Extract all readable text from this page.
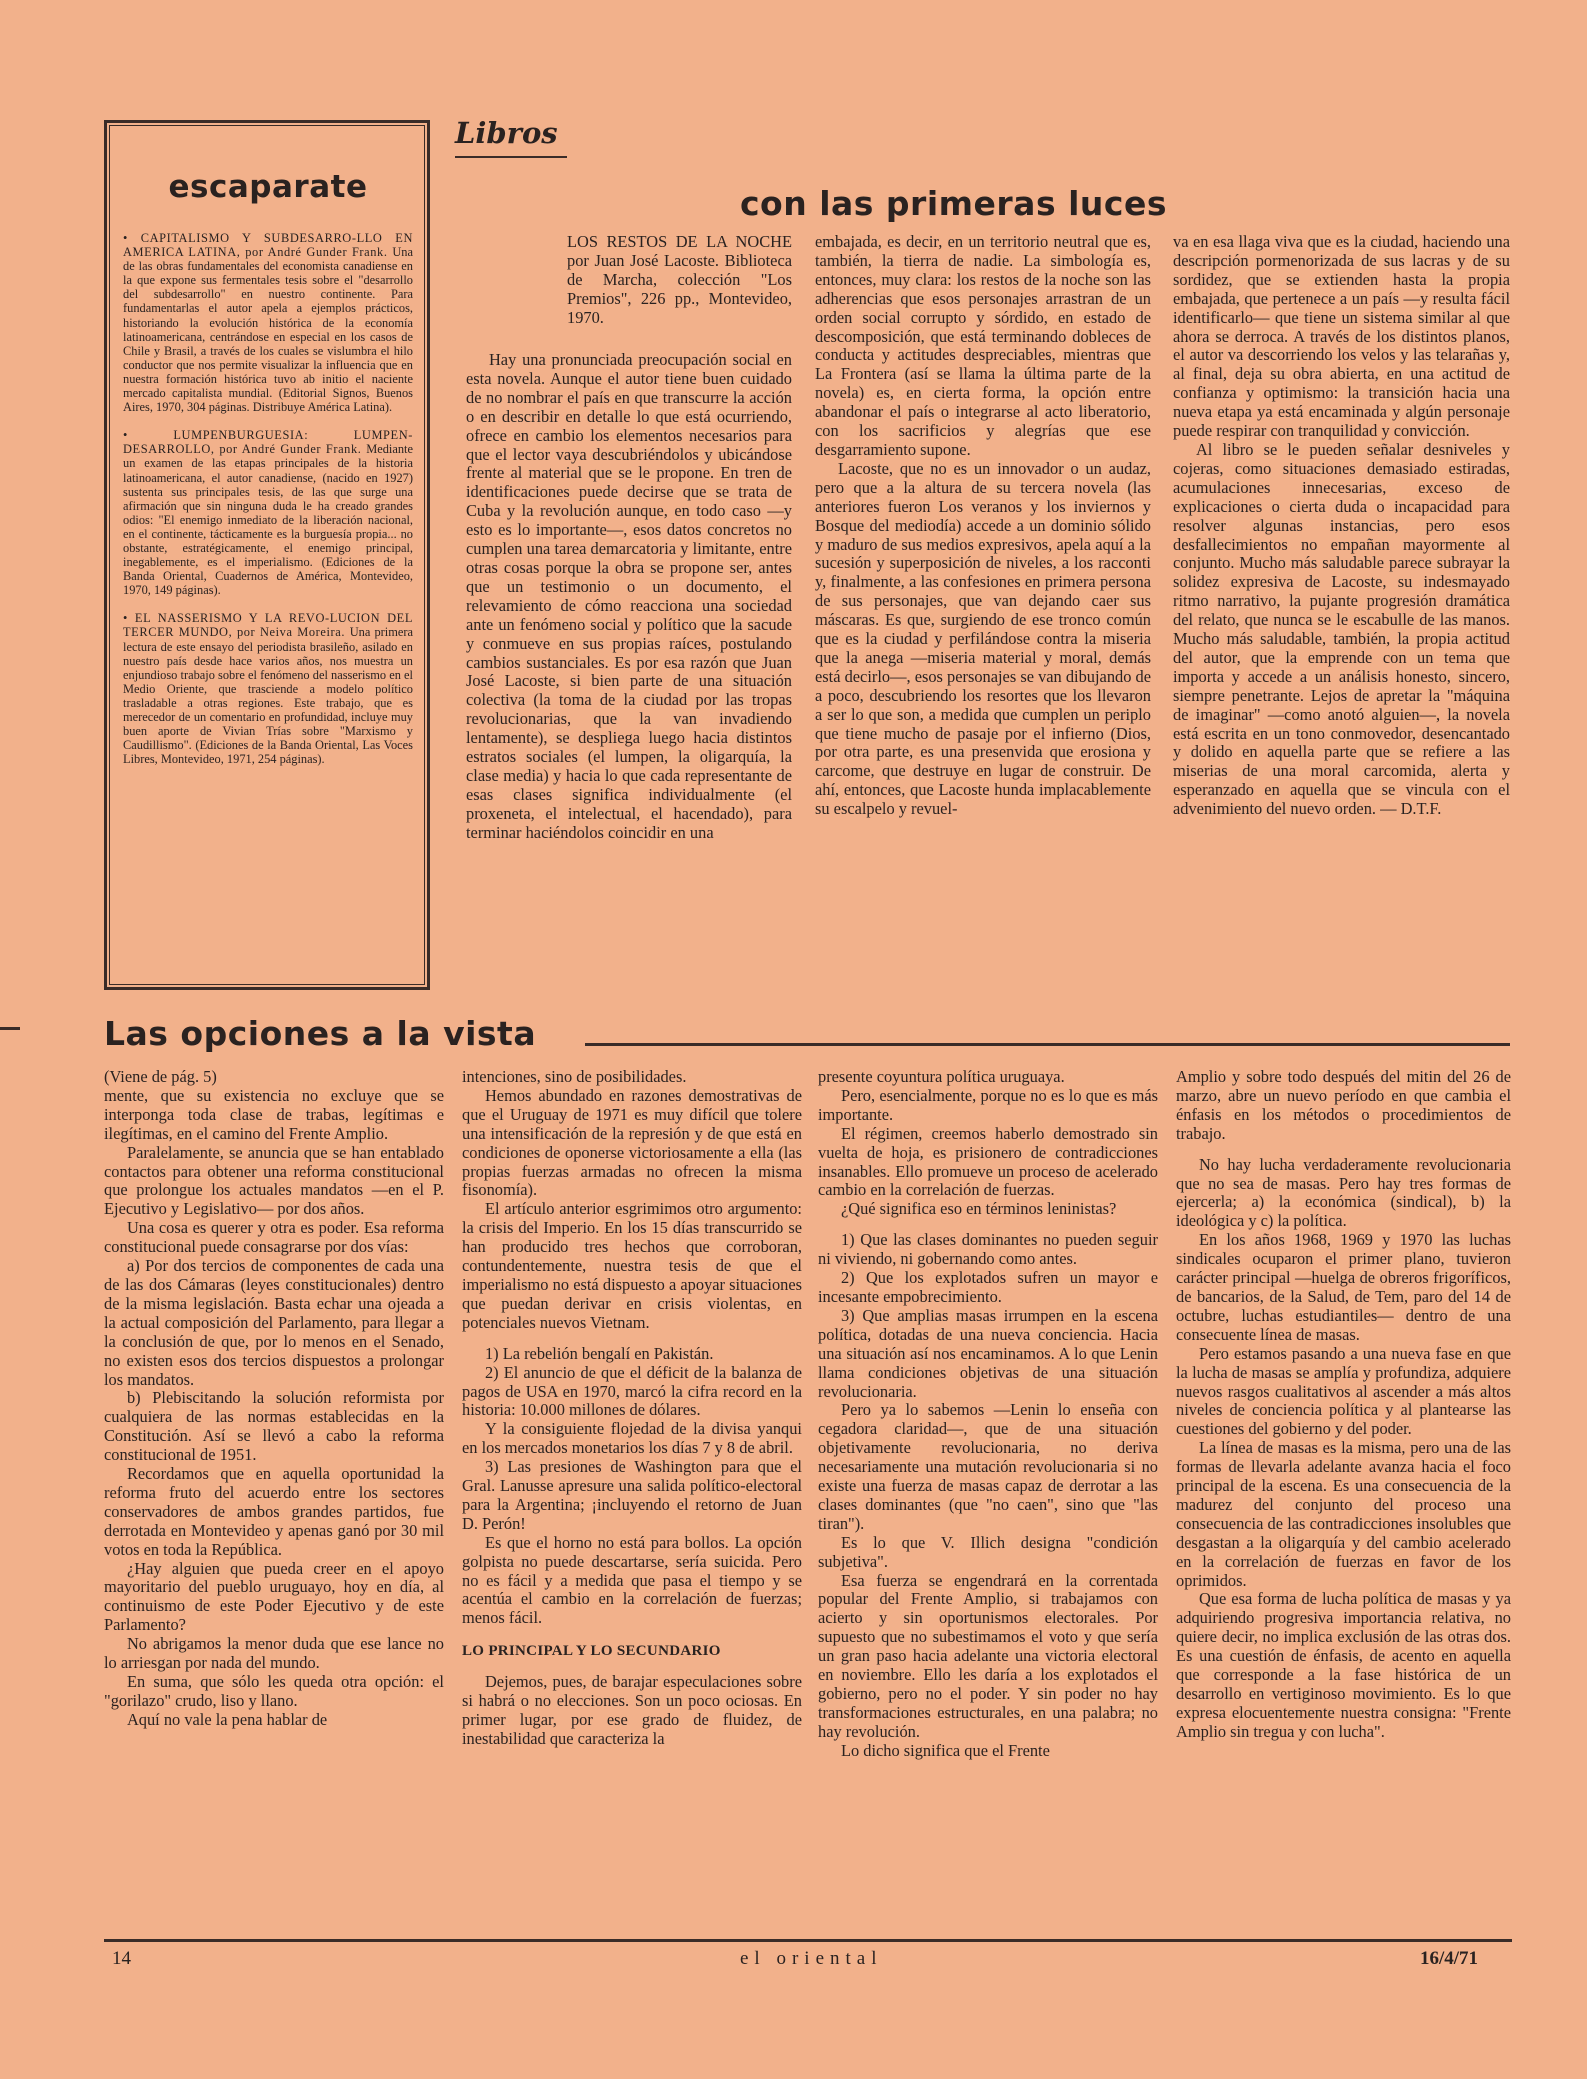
escaparate

• CAPITALISMO Y SUBDESARRO-LLO EN AMERICA LATINA, por André Gunder Frank. Una de las obras fundamentales del economista canadiense en la que expone sus fermentales tesis sobre el "desarrollo del subdesarrollo" en nuestro continente. Para fundamentarlas el autor apela a ejemplos prácticos, historiando la evolución histórica de la economía latinoamericana, centrándose en especial en los casos de Chile y Brasil, a través de los cuales se vislumbra el hilo conductor que nos permite visualizar la influencia que en nuestra formación histórica tuvo ab initio el naciente mercado capitalista mundial. (Editorial Signos, Buenos Aires, 1970, 304 páginas. Distribuye América Latina).

• LUMPENBURGUESIA: LUMPEN-DESARROLLO, por André Gunder Frank. Mediante un examen de las etapas principales de la historia latinoamericana, el autor canadiense, (nacido en 1927) sustenta sus principales tesis, de las que surge una afirmación que sin ninguna duda le ha creado grandes odios: "El enemigo inmediato de la liberación nacional, en el continente, tácticamente es la burguesía propia... no obstante, estratégicamente, el enemigo principal, inegablemente, es el imperialismo. (Ediciones de la Banda Oriental, Cuadernos de América, Montevideo, 1970, 149 páginas).

• EL NASSERISMO Y LA REVO-LUCION DEL TERCER MUNDO, por Neiva Moreira. Una primera lectura de este ensayo del periodista brasileño, asilado en nuestro país desde hace varios años, nos muestra un enjundioso trabajo sobre el fenómeno del nasserismo en el Medio Oriente, que trasciende a modelo político trasladable a otras regiones. Este trabajo, que es merecedor de un comentario en profundidad, incluye muy buen aporte de Vivian Trías sobre "Marxismo y Caudillismo". (Ediciones de la Banda Oriental, Las Voces Libres, Montevideo, 1971, 254 páginas).

Libros
con las primeras luces
LOS RESTOS DE LA NOCHE por Juan José Lacoste. Biblioteca de Marcha, colección "Los Premios", 226 pp., Montevideo, 1970.

Hay una pronunciada preocupación social en esta novela. Aunque el autor tiene buen cuidado de no nombrar el país en que transcurre la acción o en describir en detalle lo que está ocurriendo, ofrece en cambio los elementos necesarios para que el lector vaya descubriéndolos y ubicándose frente al material que se le propone. En tren de identificaciones puede decirse que se trata de Cuba y la revolución aunque, en todo caso —y esto es lo importante—, esos datos concretos no cumplen una tarea demarcatoria y limitante, entre otras cosas porque la obra se propone ser, antes que un testimonio o un documento, el relevamiento de cómo reacciona una sociedad ante un fenómeno social y político que la sacude y conmueve en sus propias raíces, postulando cambios sustanciales. Es por esa razón que Juan José Lacoste, si bien parte de una situación colectiva (la toma de la ciudad por las tropas revolucionarias, que la van invadiendo lentamente), se despliega luego hacia distintos estratos sociales (el lumpen, la oligarquía, la clase media) y hacia lo que cada representante de esas clases significa individualmente (el proxeneta, el intelectual, el hacendado), para terminar haciéndolos coincidir en una

embajada, es decir, en un territorio neutral que es, también, la tierra de nadie. La simbología es, entonces, muy clara: los restos de la noche son las adherencias que esos personajes arrastran de un orden social corrupto y sórdido, en estado de descomposición, que está terminando dobleces de conducta y actitudes despreciables, mientras que La Frontera (así se llama la última parte de la novela) es, en cierta forma, la opción entre abandonar el país o integrarse al acto liberatorio, con los sacrificios y alegrías que ese desgarramiento supone.

Lacoste, que no es un innovador o un audaz, pero que a la altura de su tercera novela (las anteriores fueron Los veranos y los inviernos y Bosque del mediodía) accede a un dominio sólido y maduro de sus medios expresivos, apela aquí a la sucesión y superposición de niveles, a los racconti y, finalmente, a las confesiones en primera persona de sus personajes, que van dejando caer sus máscaras. Es que, surgiendo de ese tronco común que es la ciudad y perfilándose contra la miseria que la anega —miseria material y moral, demás está decirlo—, esos personajes se van dibujando de a poco, descubriendo los resortes que los llevaron a ser lo que son, a medida que cumplen un periplo que tiene mucho de pasaje por el infierno (Dios, por otra parte, es una presenvida que erosiona y carcome, que destruye en lugar de construir. De ahí, entonces, que Lacoste hunda implacablemente su escalpelo y revuel-

va en esa llaga viva que es la ciudad, haciendo una descripción pormenorizada de sus lacras y de su sordidez, que se extienden hasta la propia embajada, que pertenece a un país —y resulta fácil identificarlo— que tiene un sistema similar al que ahora se derroca. A través de los distintos planos, el autor va descorriendo los velos y las telarañas y, al final, deja su obra abierta, en una actitud de confianza y optimismo: la transición hacia una nueva etapa ya está encaminada y algún personaje puede respirar con tranquilidad y convicción.

Al libro se le pueden señalar desniveles y cojeras, como situaciones demasiado estiradas, acumulaciones innecesarias, exceso de explicaciones o cierta duda o incapacidad para resolver algunas instancias, pero esos desfallecimientos no empañan mayormente al conjunto. Mucho más saludable parece subrayar la solidez expresiva de Lacoste, su indesmayado ritmo narrativo, la pujante progresión dramática del relato, que nunca se le escabulle de las manos. Mucho más saludable, también, la propia actitud del autor, que la emprende con un tema que importa y accede a un análisis honesto, sincero, siempre penetrante. Lejos de apretar la "máquina de imaginar" —como anotó alguien—, la novela está escrita en un tono conmovedor, desencantado y dolido en aquella parte que se refiere a las miserias de una moral carcomida, alerta y esperanzado en aquella que se vincula con el advenimiento del nuevo orden. — D.T.F.

Las opciones a la vista

(Viene de pág. 5)

mente, que su existencia no excluye que se interponga toda clase de trabas, legítimas e ilegítimas, en el camino del Frente Amplio.

Paralelamente, se anuncia que se han entablado contactos para obtener una reforma constitucional que prolongue los actuales mandatos —en el P. Ejecutivo y Legislativo— por dos años.

Una cosa es querer y otra es poder. Esa reforma constitucional puede consagrarse por dos vías:

a) Por dos tercios de componentes de cada una de las dos Cámaras (leyes constitucionales) dentro de la misma legislación. Basta echar una ojeada a la actual composición del Parlamento, para llegar a la conclusión de que, por lo menos en el Senado, no existen esos dos tercios dispuestos a prolongar los mandatos.

b) Plebiscitando la solución reformista por cualquiera de las normas establecidas en la Constitución. Así se llevó a cabo la reforma constitucional de 1951.

Recordamos que en aquella oportunidad la reforma fruto del acuerdo entre los sectores conservadores de ambos grandes partidos, fue derrotada en Montevideo y apenas ganó por 30 mil votos en toda la República.

¿Hay alguien que pueda creer en el apoyo mayoritario del pueblo uruguayo, hoy en día, al continuismo de este Poder Ejecutivo y de este Parlamento?

No abrigamos la menor duda que ese lance no lo arriesgan por nada del mundo.

En suma, que sólo les queda otra opción: el "gorilazo" crudo, liso y llano.

Aquí no vale la pena hablar de

intenciones, sino de posibilidades.

Hemos abundado en razones demostrativas de que el Uruguay de 1971 es muy difícil que tolere una intensificación de la represión y de que está en condiciones de oponerse victoriosamente a ella (las propias fuerzas armadas no ofrecen la misma fisonomía).

El artículo anterior esgrimimos otro argumento: la crisis del Imperio. En los 15 días transcurrido se han producido tres hechos que corroboran, contundentemente, nuestra tesis de que el imperialismo no está dispuesto a apoyar situaciones que puedan derivar en crisis violentas, en potenciales nuevos Vietnam.

1) La rebelión bengalí en Pakistán.

2) El anuncio de que el déficit de la balanza de pagos de USA en 1970, marcó la cifra record en la historia: 10.000 millones de dólares.

Y la consiguiente flojedad de la divisa yanqui en los mercados monetarios los días 7 y 8 de abril.

3) Las presiones de Washington para que el Gral. Lanusse apresure una salida político-electoral para la Argentina; ¡incluyendo el retorno de Juan D. Perón!

Es que el horno no está para bollos. La opción golpista no puede descartarse, sería suicida. Pero no es fácil y a medida que pasa el tiempo y se acentúa el cambio en la correlación de fuerzas; menos fácil.

LO PRINCIPAL Y LO SECUNDARIO

Dejemos, pues, de barajar especulaciones sobre si habrá o no elecciones. Son un poco ociosas. En primer lugar, por ese grado de fluidez, de inestabilidad que caracteriza la

presente coyuntura política uruguaya.

Pero, esencialmente, porque no es lo que es más importante.

El régimen, creemos haberlo demostrado sin vuelta de hoja, es prisionero de contradicciones insanables. Ello promueve un proceso de acelerado cambio en la correlación de fuerzas.

¿Qué significa eso en términos leninistas?

1) Que las clases dominantes no pueden seguir ni viviendo, ni gobernando como antes.

2) Que los explotados sufren un mayor e incesante empobrecimiento.

3) Que amplias masas irrumpen en la escena política, dotadas de una nueva conciencia. Hacia una situación así nos encaminamos. A lo que Lenin llama condiciones objetivas de una situación revolucionaria.

Pero ya lo sabemos —Lenin lo enseña con cegadora claridad—, que de una situación objetivamente revolucionaria, no deriva necesariamente una mutación revolucionaria si no existe una fuerza de masas capaz de derrotar a las clases dominantes (que "no caen", sino que "las tiran").

Es lo que V. Illich designa "condición subjetiva".

Esa fuerza se engendrará en la correntada popular del Frente Amplio, si trabajamos con acierto y sin oportunismos electorales. Por supuesto que no subestimamos el voto y que sería un gran paso hacia adelante una victoria electoral en noviembre. Ello les daría a los explotados el gobierno, pero no el poder. Y sin poder no hay transformaciones estructurales, en una palabra; no hay revolución.

Lo dicho significa que el Frente

Amplio y sobre todo después del mitin del 26 de marzo, abre un nuevo período en que cambia el énfasis en los métodos o procedimientos de trabajo.

No hay lucha verdaderamente revolucionaria que no sea de masas. Pero hay tres formas de ejercerla; a) la económica (sindical), b) la ideológica y c) la política.

En los años 1968, 1969 y 1970 las luchas sindicales ocuparon el primer plano, tuvieron carácter principal —huelga de obreros frigoríficos, de bancarios, de la Salud, de Tem, paro del 14 de octubre, luchas estudiantiles— dentro de una consecuente línea de masas.

Pero estamos pasando a una nueva fase en que la lucha de masas se amplía y profundiza, adquiere nuevos rasgos cualitativos al ascender a más altos niveles de conciencia política y al plantearse las cuestiones del gobierno y del poder.

La línea de masas es la misma, pero una de las formas de llevarla adelante avanza hacia el foco principal de la escena. Es una consecuencia de la madurez del conjunto del proceso una consecuencia de las contradicciones insolubles que desgastan a la oligarquía y del cambio acelerado en la correlación de fuerzas en favor de los oprimidos.

Que esa forma de lucha política de masas y ya adquiriendo progresiva importancia relativa, no quiere decir, no implica exclusión de las otras dos. Es una cuestión de énfasis, de acento en aquella que corresponde a la fase histórica de un desarrollo en vertiginoso movimiento. Es lo que expresa elocuentemente nuestra consigna: "Frente Amplio sin tregua y con lucha".

14	el oriental	16/4/71
